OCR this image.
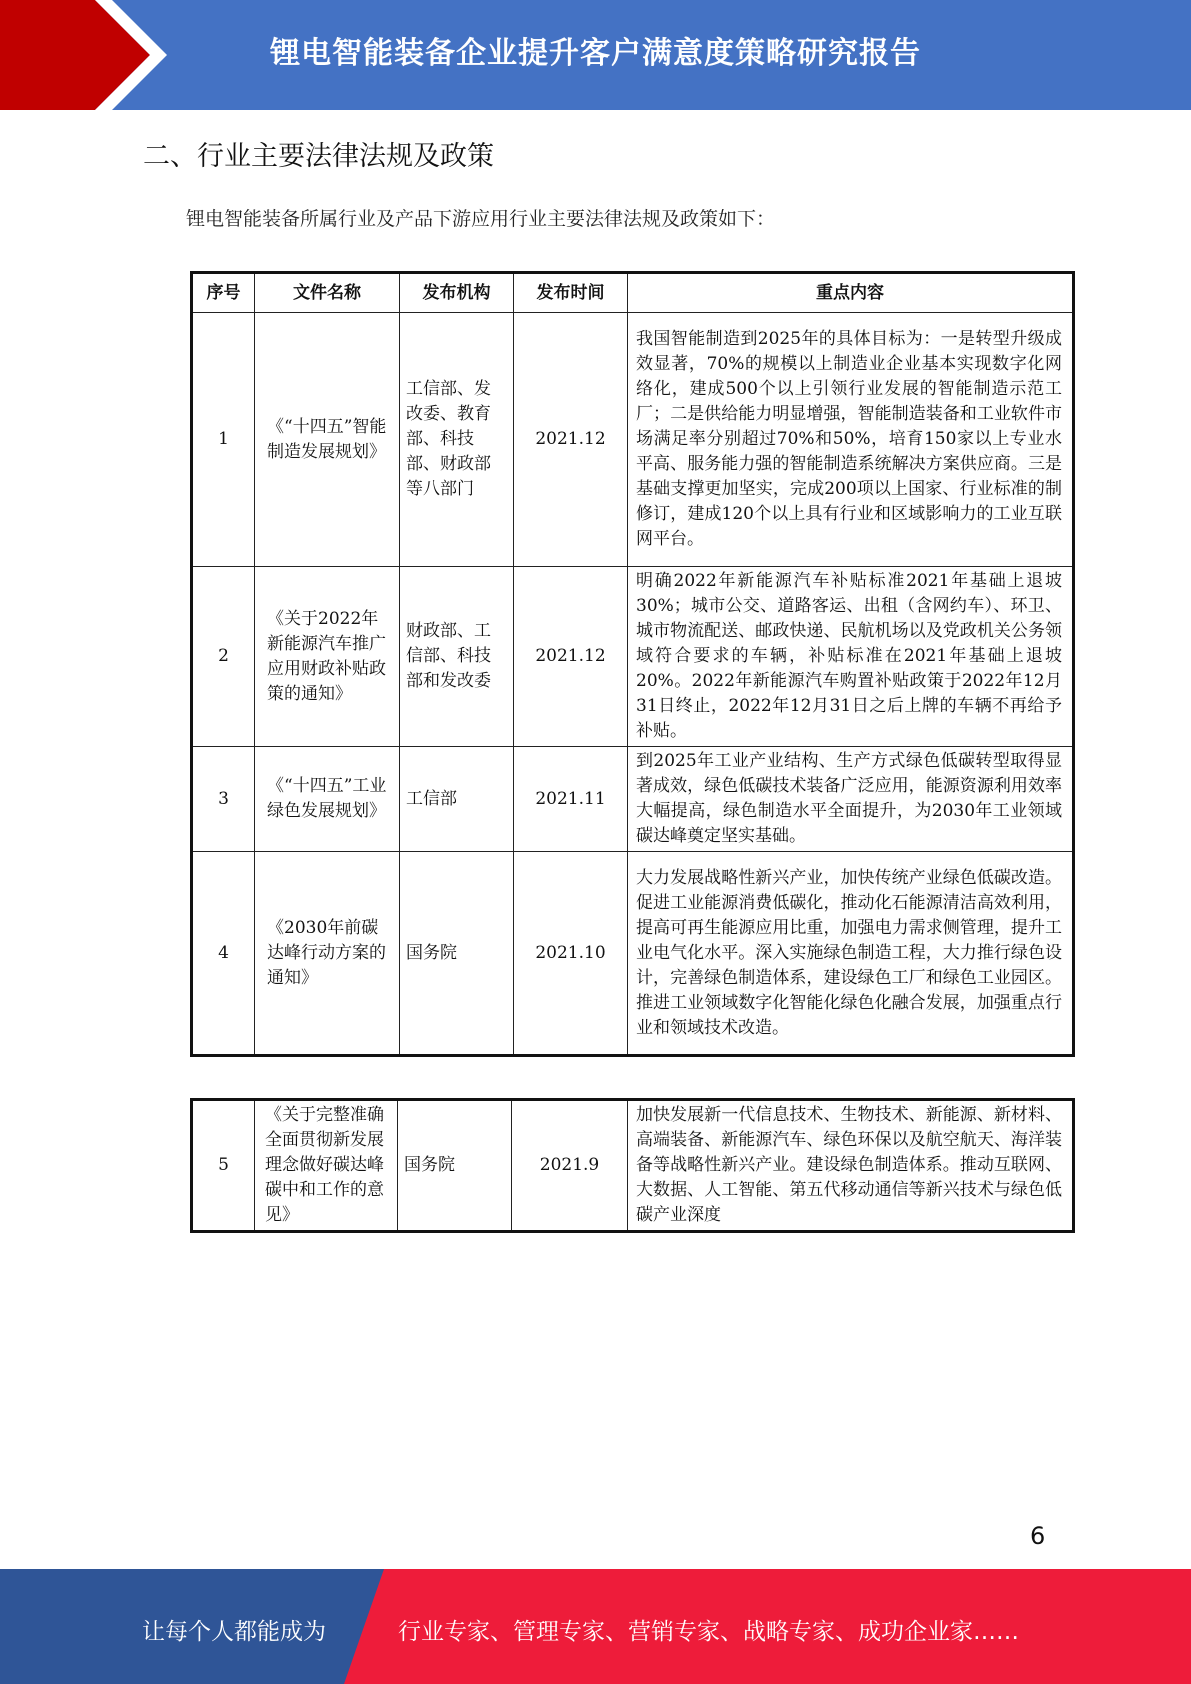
锂电智能装备企业提升客户满意度策略研究报告
二、行业主要法律法规及政策
锂电智能装备所属行业及产品下游应用行业主要法律法规及政策如下：
序号	文件名称	发布机构	发布时间	重点内容
1	《“十四五”智能制造发展规划》	工信部、发改委、教育部、科技部、财政部等八部门	2021.12	我国智能制造到2025年的具体目标为：一是转型升级成效显著，70%的规模以上制造业企业基本实现数字化网络化，建成500个以上引领行业发展的智能制造示范工厂；二是供给能力明显增强，智能制造装备和工业软件市场满足率分别超过70%和50%，培育150家以上专业水平高、服务能力强的智能制造系统解决方案供应商。三是基础支撑更加坚实，完成200项以上国家、行业标准的制修订，建成120个以上具有行业和区域影响力的工业互联网平台。
2	《关于2022年新能源汽车推广应用财政补贴政策的通知》	财政部、工信部、科技部和发改委	2021.12	明确2022年新能源汽车补贴标准2021年基础上退坡30%；城市公交、道路客运、出租（含网约车）、环卫、城市物流配送、邮政快递、民航机场以及党政机关公务领域符合要求的车辆，补贴标准在2021年基础上退坡20%。2022年新能源汽车购置补贴政策于2022年12月31日终止，2022年12月31日之后上牌的车辆不再给予补贴。
3	《“十四五”工业绿色发展规划》	工信部	2021.11	到2025年工业产业结构、生产方式绿色低碳转型取得显著成效，绿色低碳技术装备广泛应用，能源资源利用效率大幅提高，绿色制造水平全面提升，为2030年工业领域碳达峰奠定坚实基础。
4	《2030年前碳达峰行动方案的通知》	国务院	2021.10	大力发展战略性新兴产业，加快传统产业绿色低碳改造。促进工业能源消费低碳化，推动化石能源清洁高效利用，提高可再生能源应用比重，加强电力需求侧管理，提升工业电气化水平。深入实施绿色制造工程，大力推行绿色设计，完善绿色制造体系，建设绿色工厂和绿色工业园区。推进工业领域数字化智能化绿色化融合发展，加强重点行业和领域技术改造。
5	《关于完整准确全面贯彻新发展理念做好碳达峰碳中和工作的意见》	国务院	2021.9	加快发展新一代信息技术、生物技术、新能源、新材料、高端装备、新能源汽车、绿色环保以及航空航天、海洋装备等战略性新兴产业。建设绿色制造体系。推动互联网、大数据、人工智能、第五代移动通信等新兴技术与绿色低碳产业深度
6
让每个人都能成为	行业专家、管理专家、营销专家、战略专家、成功企业家……
